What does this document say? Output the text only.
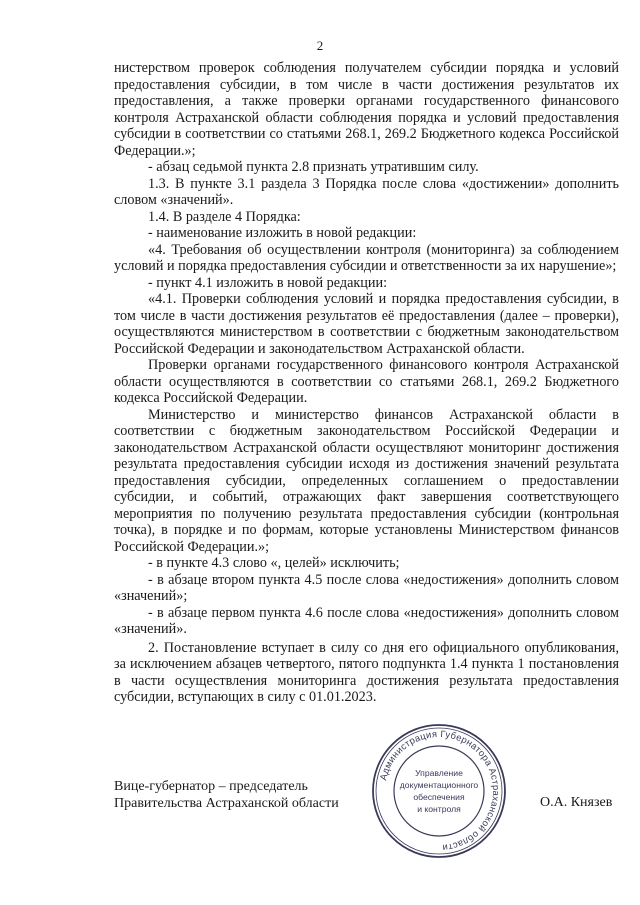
2

нистерством проверок соблюдения получателем субсидии порядка и условий предоставления субсидии, в том числе в части достижения результатов их предоставления, а также проверки органами государственного финансового контроля Астраханской области соблюдения порядка и условий предоставления субсидии в соответствии со статьями 268.1, 269.2 Бюджетного кодекса Российской Федерации.»;

- абзац седьмой пункта 2.8 признать утратившим силу.

1.3. В пункте 3.1 раздела 3 Порядка после слова «достижении» дополнить словом «значений».

1.4. В разделе 4 Порядка:

- наименование изложить в новой редакции:

«4. Требования об осуществлении контроля (мониторинга) за соблюдением условий и порядка предоставления субсидии и ответственности за их нарушение»;

- пункт 4.1 изложить в новой редакции:

«4.1. Проверки соблюдения условий и порядка предоставления субсидии, в том числе в части достижения результатов её предоставления (далее – проверки), осуществляются министерством в соответствии с бюджетным законодательством Российской Федерации и законодательством Астраханской области.

Проверки органами государственного финансового контроля Астраханской области осуществляются в соответствии со статьями 268.1, 269.2 Бюджетного кодекса Российской Федерации.

Министерство и министерство финансов Астраханской области в соответствии с бюджетным законодательством Российской Федерации и законодательством Астраханской области осуществляют мониторинг достижения результата предоставления субсидии исходя из достижения значений результата предоставления субсидии, определенных соглашением о предоставлении субсидии, и событий, отражающих факт завершения соответствующего мероприятия по получению результата предоставления субсидии (контрольная точка), в порядке и по формам, которые установлены Министерством финансов Российской Федерации.»;

- в пункте 4.3 слово «, целей» исключить;

- в абзаце втором пункта 4.5 после слова «недостижения» дополнить словом «значений»;

- в абзаце первом пункта 4.6 после слова «недостижения» дополнить словом «значений».

2. Постановление вступает в силу со дня его официального опубликования, за исключением абзацев четвертого, пятого подпункта 1.4 пункта 1 постановления в части осуществления мониторинга достижения результата предоставления субсидии, вступающих в силу с 01.01.2023.

Вице-губернатор – председатель
Правительства Астраханской области
Администрация Губернатора Астраханской области
Управление
документационного
обеспечения
и контроля	О.А. Князев
